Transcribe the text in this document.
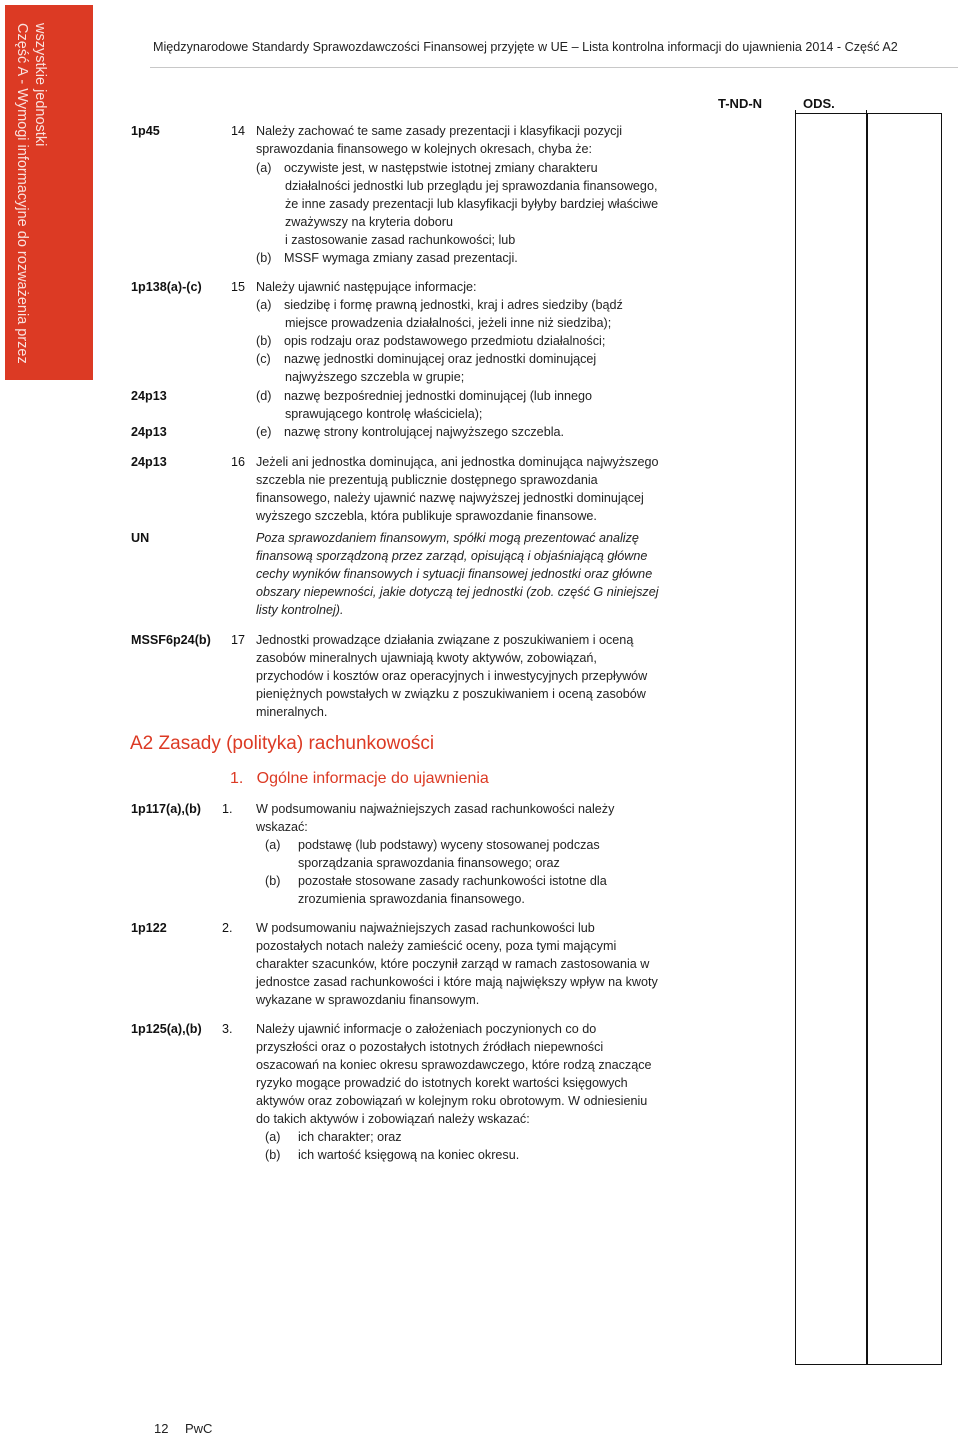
Część A - Wymogi informacyjne do rozważenia przez wszystkie jednostki	Międzynarodowe Standardy Sprawozdawczości Finansowej przyjęte w UE – Lista kontrolna informacji do ujawnienia 2014 - Część A2
T-ND-N	ODS.
1p45	14 Należy zachować te same zasady prezentacji i klasyfikacji pozycji
sprawozdania finansowego w kolejnych okresach, chyba że:
(a) oczywiste jest, w następstwie istotnej zmiany charakteru
działalności jednostki lub przeglądu jej sprawozdania finansowego,
że inne zasady prezentacji lub klasyfikacji byłyby bardziej właściwe
zważywszy na kryteria doboru
i zastosowanie zasad rachunkowości; lub
(b) MSSF wymaga zmiany zasad prezentacji.
1p138(a)-(c) 15 Należy ujawnić następujące informacje:
(a) siedzibę i formę prawną jednostki, kraj i adres siedziby (bądź
miejsce prowadzenia działalności, jeżeli inne niż siedziba);
(b) opis rodzaju oraz podstawowego przedmiotu działalności;
(c) nazwę jednostki dominującej oraz jednostki dominującej
najwyższego szczebla w grupie;
24p13	(d) nazwę bezpośredniej jednostki dominującej (lub innego
sprawującego kontrolę właściciela);
24p13	(e) nazwę strony kontrolującej najwyższego szczebla.
24p13	16 Jeżeli ani jednostka dominująca, ani jednostka dominująca najwyższego
szczebla nie prezentują publicznie dostępnego sprawozdania
finansowego, należy ujawnić nazwę najwyższej jednostki dominującej
wyższego szczebla, która publikuje sprawozdanie finansowe.
UN	Poza sprawozdaniem finansowym, spółki mogą prezentować analizę
finansową sporządzoną przez zarząd, opisującą i objaśniającą główne
cechy wyników finansowych i sytuacji finansowej jednostki oraz główne
obszary niepewności, jakie dotyczą tej jednostki (zob. część G niniejszej
listy kontrolnej).
MSSF6p24(b) 17 Jednostki prowadzące działania związane z poszukiwaniem i oceną
zasobów mineralnych ujawniają kwoty aktywów, zobowiązań,
przychodów i kosztów oraz operacyjnych i inwestycyjnych przepływów
pieniężnych powstałych w związku z poszukiwaniem i oceną zasobów
mineralnych.
A2 Zasady (polityka) rachunkowości
1.   Ogólne informacje do ujawnienia
1p117(a),(b) 1. W podsumowaniu najważniejszych zasad rachunkowości należy
wskazać:
(a) podstawę (lub podstawy) wyceny stosowanej podczas
sporządzania sprawozdania finansowego; oraz
(b) pozostałe stosowane zasady rachunkowości istotne dla
zrozumienia sprawozdania finansowego.
1p122	2. W podsumowaniu najważniejszych zasad rachunkowości lub
pozostałych notach należy zamieścić oceny, poza tymi mającymi
charakter szacunków, które poczynił zarząd w ramach zastosowania w
jednostce zasad rachunkowości i które mają największy wpływ na kwoty
wykazane w sprawozdaniu finansowym.
1p125(a),(b) 3. Należy ujawnić informacje o założeniach poczynionych co do
przyszłości oraz o pozostałych istotnych źródłach niepewności
oszacowań na koniec okresu sprawozdawczego, które rodzą znaczące
ryzyko mogące prowadzić do istotnych korekt wartości księgowych
aktywów oraz zobowiązań w kolejnym roku obrotowym. W odniesieniu
do takich aktywów i zobowiązań należy wskazać:
(a) ich charakter; oraz
(b) ich wartość księgową na koniec okresu.
12 PwC
